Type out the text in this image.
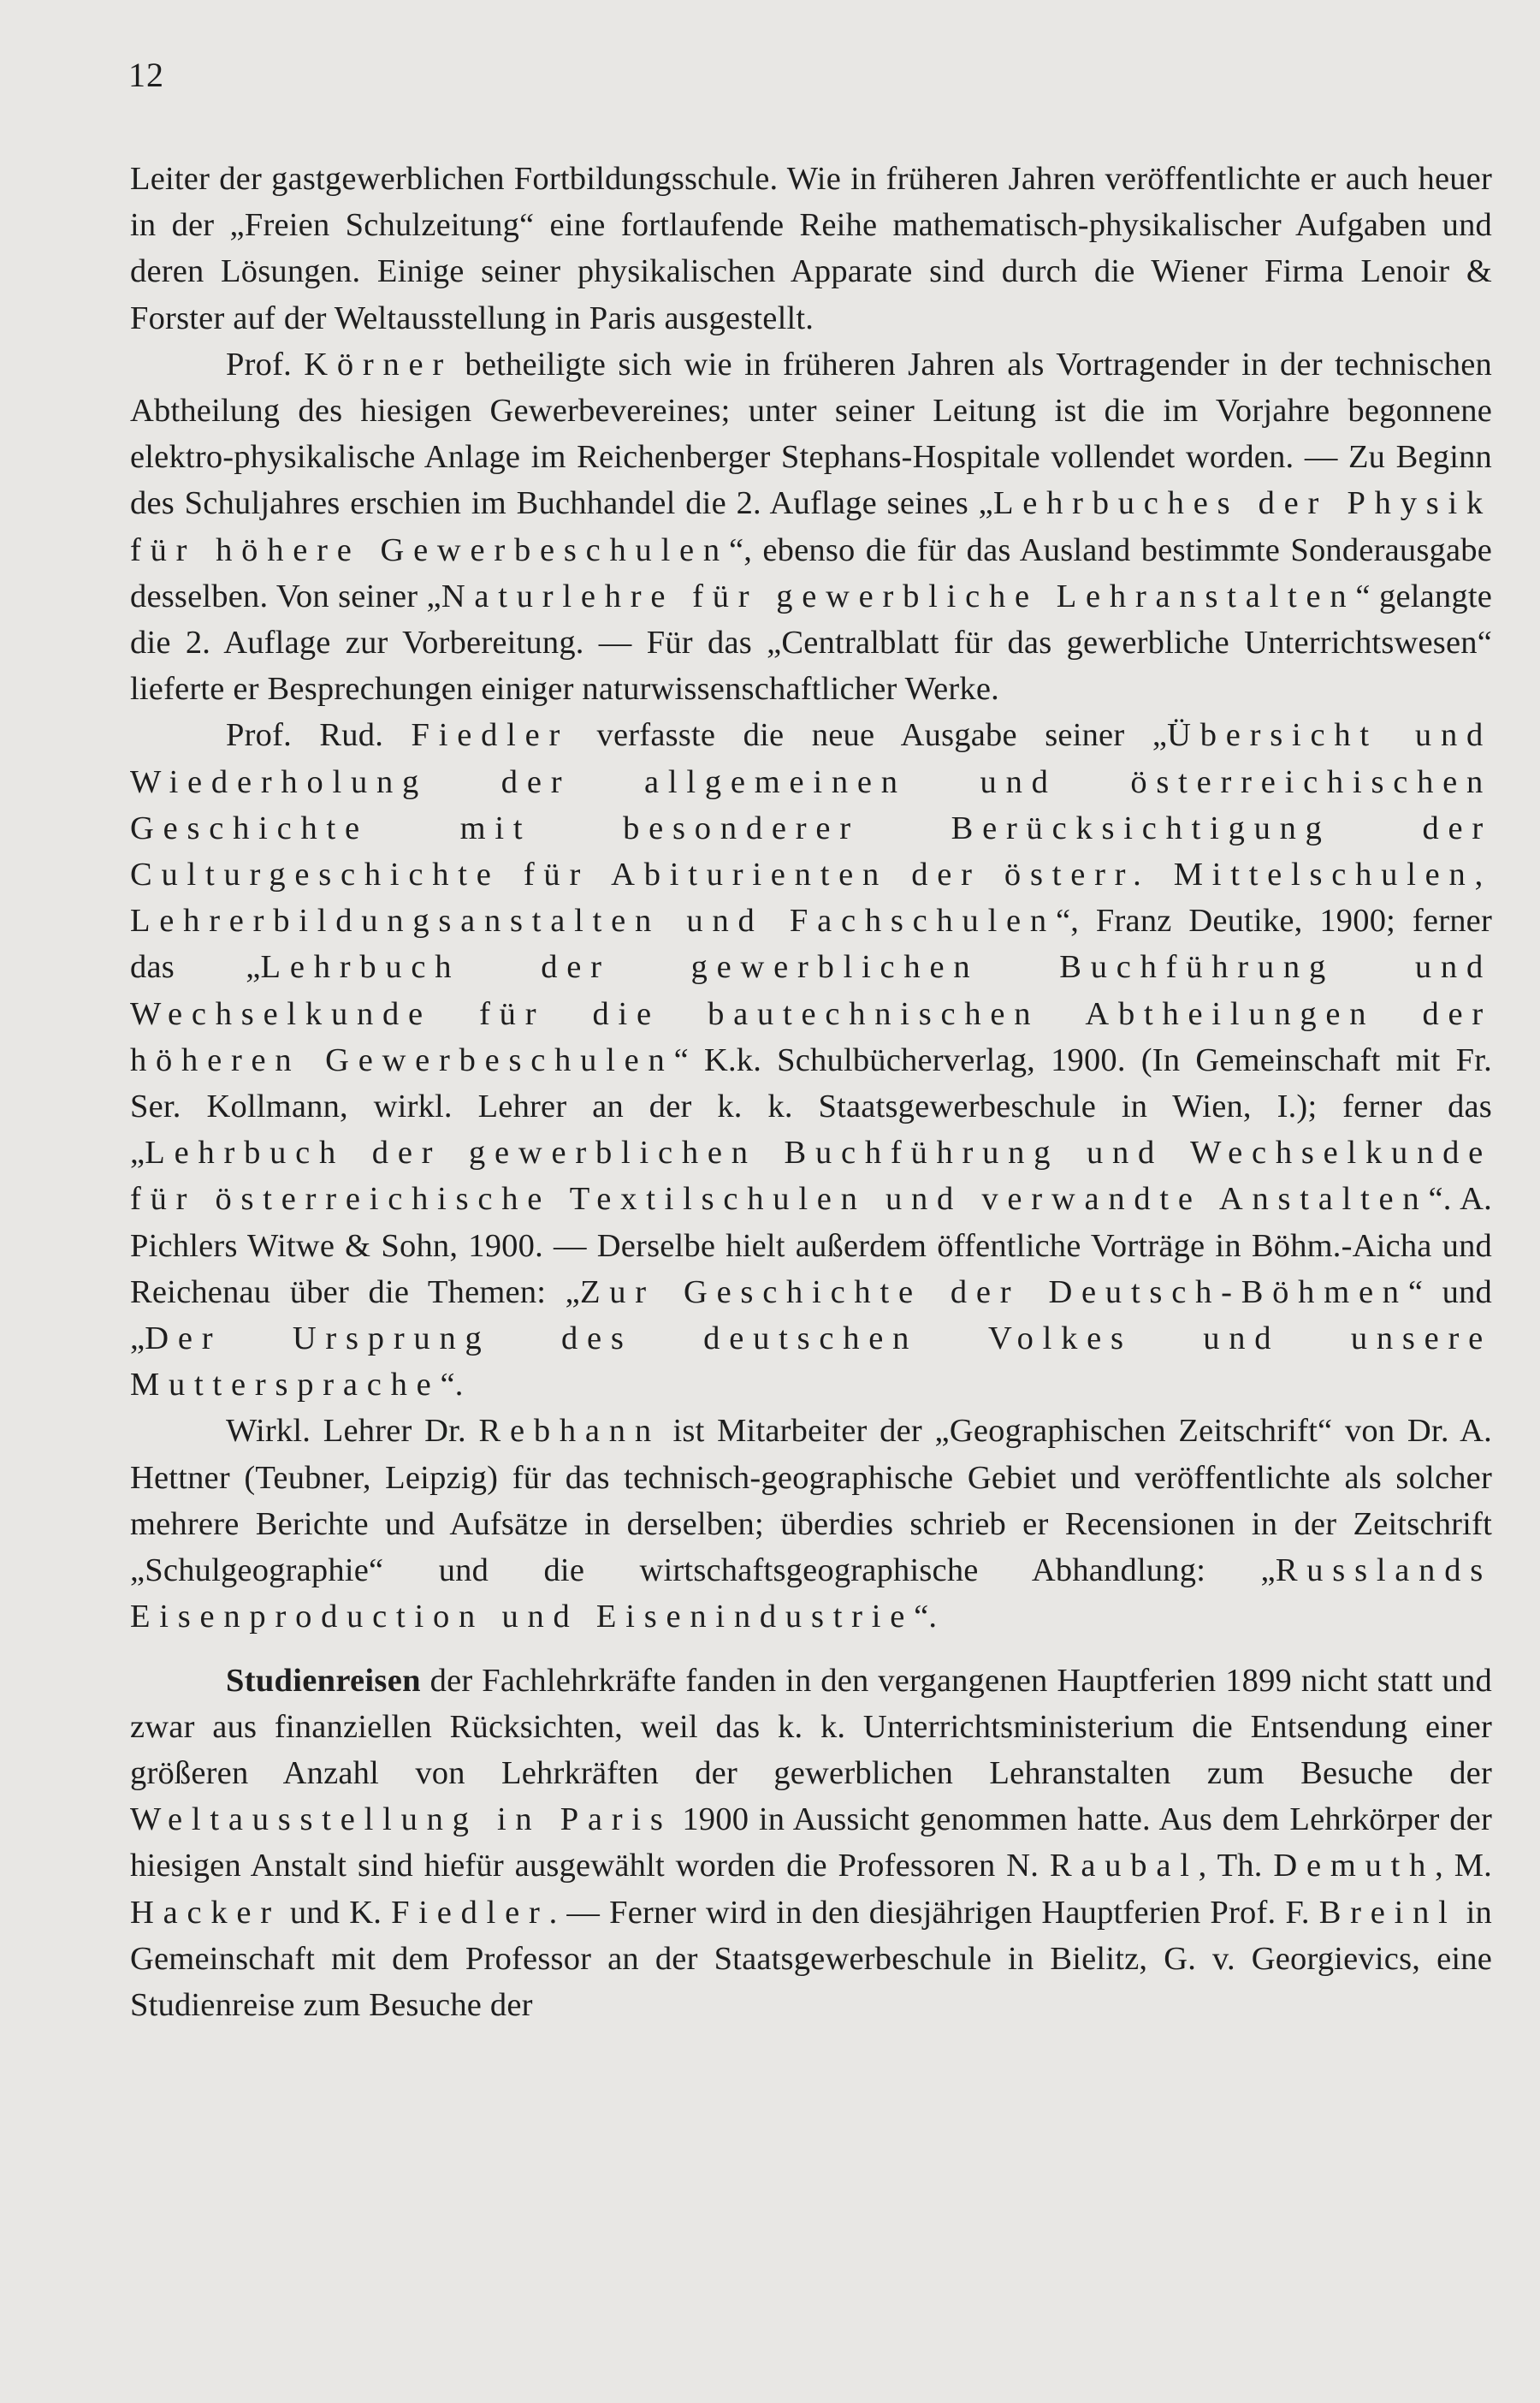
12

Leiter der gastgewerblichen Fortbildungsschule. Wie in früheren Jahren veröffentlichte er auch heuer in der „Freien Schulzeitung“ eine fortlaufende Reihe mathematisch-physikalischer Aufgaben und deren Lösungen. Einige seiner physikalischen Apparate sind durch die Wiener Firma Lenoir & Forster auf der Weltausstellung in Paris ausgestellt.

Prof. Körner betheiligte sich wie in früheren Jahren als Vortragender in der technischen Abtheilung des hiesigen Gewerbevereines; unter seiner Leitung ist die im Vorjahre begonnene elektro-physikalische Anlage im Reichenberger Stephans-Hospitale vollendet worden. — Zu Beginn des Schuljahres erschien im Buchhandel die 2. Auflage seines „Lehrbuches der Physik für höhere Gewerbeschulen“, ebenso die für das Ausland bestimmte Sonderausgabe desselben. Von seiner „Naturlehre für gewerbliche Lehranstalten“ gelangte die 2. Auflage zur Vorbereitung. — Für das „Centralblatt für das gewerbliche Unterrichtswesen“ lieferte er Besprechungen einiger naturwissenschaftlicher Werke.

Prof. Rud. Fiedler verfasste die neue Ausgabe seiner „Übersicht und Wiederholung der allgemeinen und österreichischen Geschichte mit besonderer Berücksichtigung der Culturgeschichte für Abiturienten der österr. Mittelschulen, Lehrerbildungsanstalten und Fachschulen“, Franz Deutike, 1900; ferner das „Lehrbuch der gewerblichen Buchführung und Wechselkunde für die bautechnischen Abtheilungen der höheren Gewerbeschulen“ K.k. Schulbücherverlag, 1900. (In Gemeinschaft mit Fr. Ser. Kollmann, wirkl. Lehrer an der k. k. Staatsgewerbeschule in Wien, I.); ferner das „Lehrbuch der gewerblichen Buchführung und Wechselkunde für österreichische Textilschulen und verwandte Anstalten“. A. Pichlers Witwe & Sohn, 1900. — Derselbe hielt außerdem öffentliche Vorträge in Böhm.-Aicha und Reichenau über die Themen: „Zur Geschichte der Deutsch-Böhmen“ und „Der Ursprung des deutschen Volkes und unsere Muttersprache“.

Wirkl. Lehrer Dr. Rebhann ist Mitarbeiter der „Geographischen Zeitschrift“ von Dr. A. Hettner (Teubner, Leipzig) für das technisch-geographische Gebiet und veröffentlichte als solcher mehrere Berichte und Aufsätze in derselben; überdies schrieb er Recensionen in der Zeitschrift „Schulgeographie“ und die wirtschaftsgeographische Abhandlung: „Russlands Eisenproduction und Eisenindustrie“.

Studienreisen der Fachlehrkräfte fanden in den vergangenen Hauptferien 1899 nicht statt und zwar aus finanziellen Rücksichten, weil das k. k. Unterrichtsministerium die Entsendung einer größeren Anzahl von Lehrkräften der gewerblichen Lehranstalten zum Besuche der Weltausstellung in Paris 1900 in Aussicht genommen hatte. Aus dem Lehrkörper der hiesigen Anstalt sind hiefür ausgewählt worden die Professoren N. Raubal, Th. Demuth, M. Hacker und K. Fiedler. — Ferner wird in den diesjährigen Hauptferien Prof. F. Breinl in Gemeinschaft mit dem Professor an der Staatsgewerbeschule in Bielitz, G. v. Georgievics, eine Studienreise zum Besuche der
